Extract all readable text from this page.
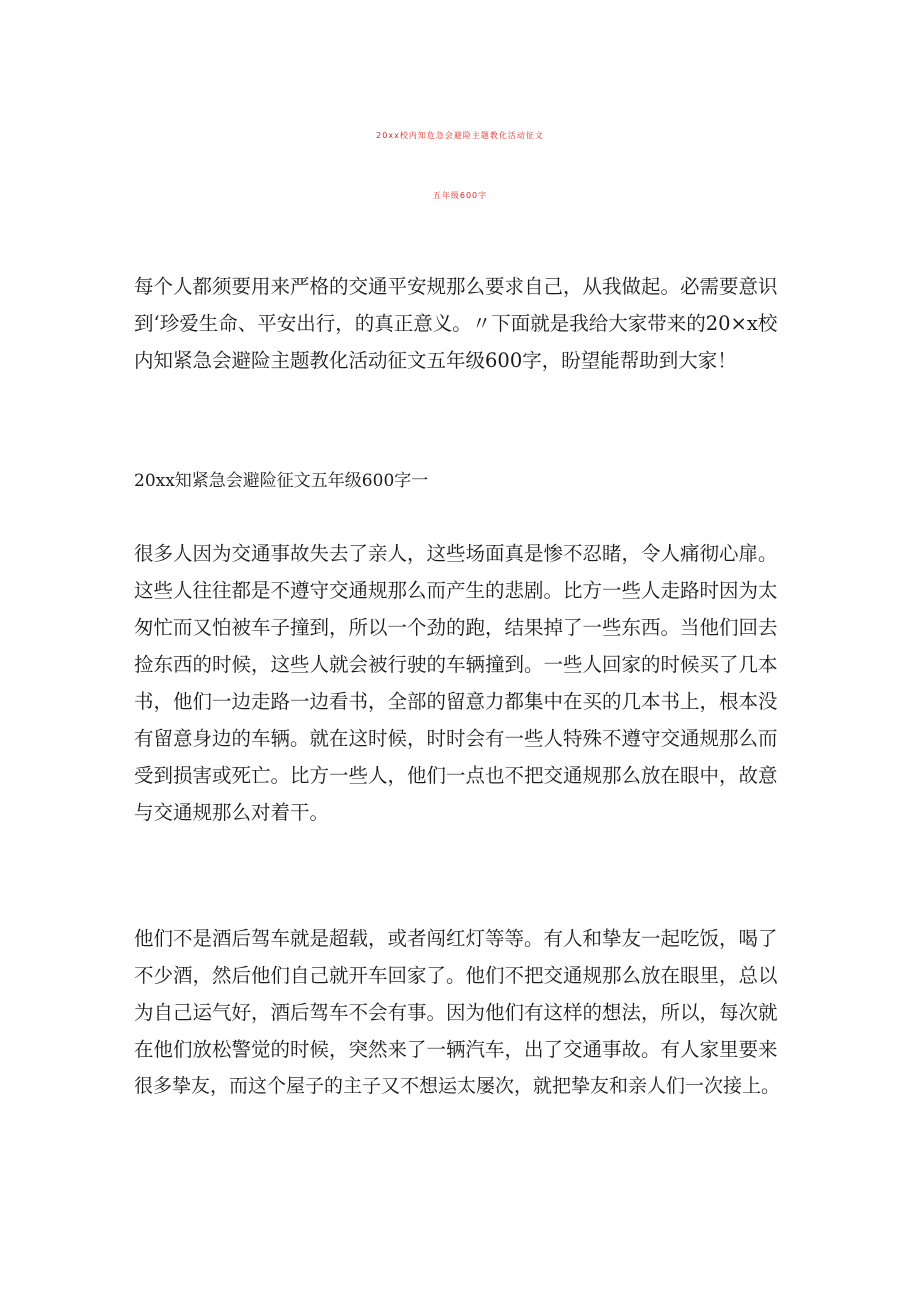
20xx校内知危急会避险主题教化活动征文
五年级600字
每个人都须要用来严格的交通平安规那么要求自己，从我做起。必需要意识
到‘珍爱生命、平安出行，的真正意义。〃下面就是我给大家带来的20×x校
内知紧急会避险主题教化活动征文五年级600字，盼望能帮助到大家！
20xx知紧急会避险征文五年级600字一
很多人因为交通事故失去了亲人，这些场面真是惨不忍睹，令人痛彻心扉。
这些人往往都是不遵守交通规那么而产生的悲剧。比方一些人走路时因为太
匆忙而又怕被车子撞到，所以一个劲的跑，结果掉了一些东西。当他们回去
捡东西的时候，这些人就会被行驶的车辆撞到。一些人回家的时候买了几本
书，他们一边走路一边看书，全部的留意力都集中在买的几本书上，根本没
有留意身边的车辆。就在这时候，时时会有一些人特殊不遵守交通规那么而
受到损害或死亡。比方一些人，他们一点也不把交通规那么放在眼中，故意
与交通规那么对着干。
他们不是酒后驾车就是超载，或者闯红灯等等。有人和挚友一起吃饭，喝了
不少酒，然后他们自己就开车回家了。他们不把交通规那么放在眼里，总以
为自己运气好，酒后驾车不会有事。因为他们有这样的想法，所以，每次就
在他们放松警觉的时候，突然来了一辆汽车，出了交通事故。有人家里要来
很多挚友，而这个屋子的主子又不想运太屡次，就把挚友和亲人们一次接上。
